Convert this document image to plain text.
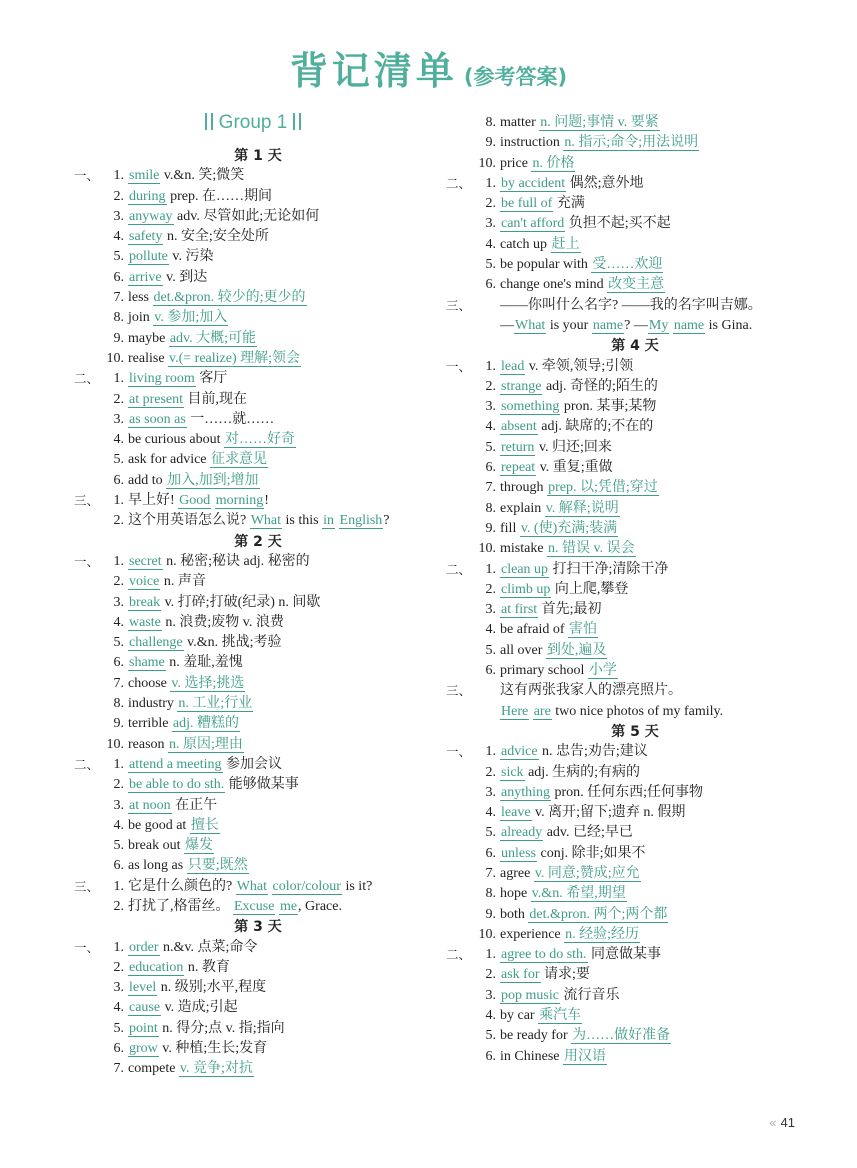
背记清单 (参考答案)
Group 1
第 1 天
一、	1. smile v.&n. 笑;微笑
2. during prep. 在……期间
3. anyway adv. 尽管如此;无论如何
4. safety n. 安全;安全处所
5. pollute v. 污染
6. arrive v. 到达
7. less det.&pron. 较少的;更少的
8. join v. 参加;加入
9. maybe adv. 大概;可能
10. realise v.(= realize) 理解;领会
二、	1. living room 客厅
2. at present 目前,现在
3. as soon as 一……就……
4. be curious about 对……好奇
5. ask for advice 征求意见
6. add to 加入,加到;增加
三、	1. 早上好! Good morning!
2. 这个用英语怎么说? What is this in English?
第 2 天
一、	1. secret n. 秘密;秘诀 adj. 秘密的
2. voice n. 声音
3. break v. 打碎;打破(纪录) n. 间歇
4. waste n. 浪费;废物 v. 浪费
5. challenge v.&n. 挑战;考验
6. shame n. 羞耻,羞愧
7. choose v. 选择;挑选
8. industry n. 工业;行业
9. terrible adj. 糟糕的
10. reason n. 原因;理由
二、	1. attend a meeting 参加会议
2. be able to do sth. 能够做某事
3. at noon 在正午
4. be good at 擅长
5. break out 爆发
6. as long as 只要;既然
三、	1. 它是什么颜色的? What color/colour is it?
2. 打扰了,格雷丝。 Excuse me, Grace.
第 3 天
一、	1. order n.&v. 点菜;命令
2. education n. 教育
3. level n. 级别;水平,程度
4. cause v. 造成;引起
5. point n. 得分;点 v. 指;指向
6. grow v. 种植;生长;发育
7. compete v. 竞争;对抗
8. matter n. 问题;事情 v. 要紧
9. instruction n. 指示;命令;用法说明
10. price n. 价格
二、	1. by accident 偶然;意外地
2. be full of 充满
3. can't afford 负担不起;买不起
4. catch up 赶上
5. be popular with 受……欢迎
6. change one's mind 改变主意
三、 ——你叫什么名字? ——我的名字叫吉娜。
—What is your name? —My name is Gina.
第 4 天
一、	1. lead v. 牵领,领导;引领
2. strange adj. 奇怪的;陌生的
3. something pron. 某事;某物
4. absent adj. 缺席的;不在的
5. return v. 归还;回来
6. repeat v. 重复;重做
7. through prep. 以;凭借;穿过
8. explain v. 解释;说明
9. fill v. (使)充满;装满
10. mistake n. 错误 v. 误会
二、	1. clean up 打扫干净;清除干净
2. climb up 向上爬,攀登
3. at first 首先;最初
4. be afraid of 害怕
5. all over 到处,遍及
6. primary school 小学
三、 这有两张我家人的漂亮照片。
Here are two nice photos of my family.
第 5 天
一、	1. advice n. 忠告;劝告;建议
2. sick adj. 生病的;有病的
3. anything pron. 任何东西;任何事物
4. leave v. 离开;留下;遗弃 n. 假期
5. already adv. 已经;早已
6. unless conj. 除非;如果不
7. agree v. 同意;赞成;应允
8. hope v.&n. 希望,期望
9. both det.&pron. 两个;两个都
10. experience n. 经验;经历
二、	1. agree to do sth. 同意做某事
2. ask for 请求;要
3. pop music 流行音乐
4. by car 乘汽车
5. be ready for 为……做好准备
6. in Chinese 用汉语
« 41
